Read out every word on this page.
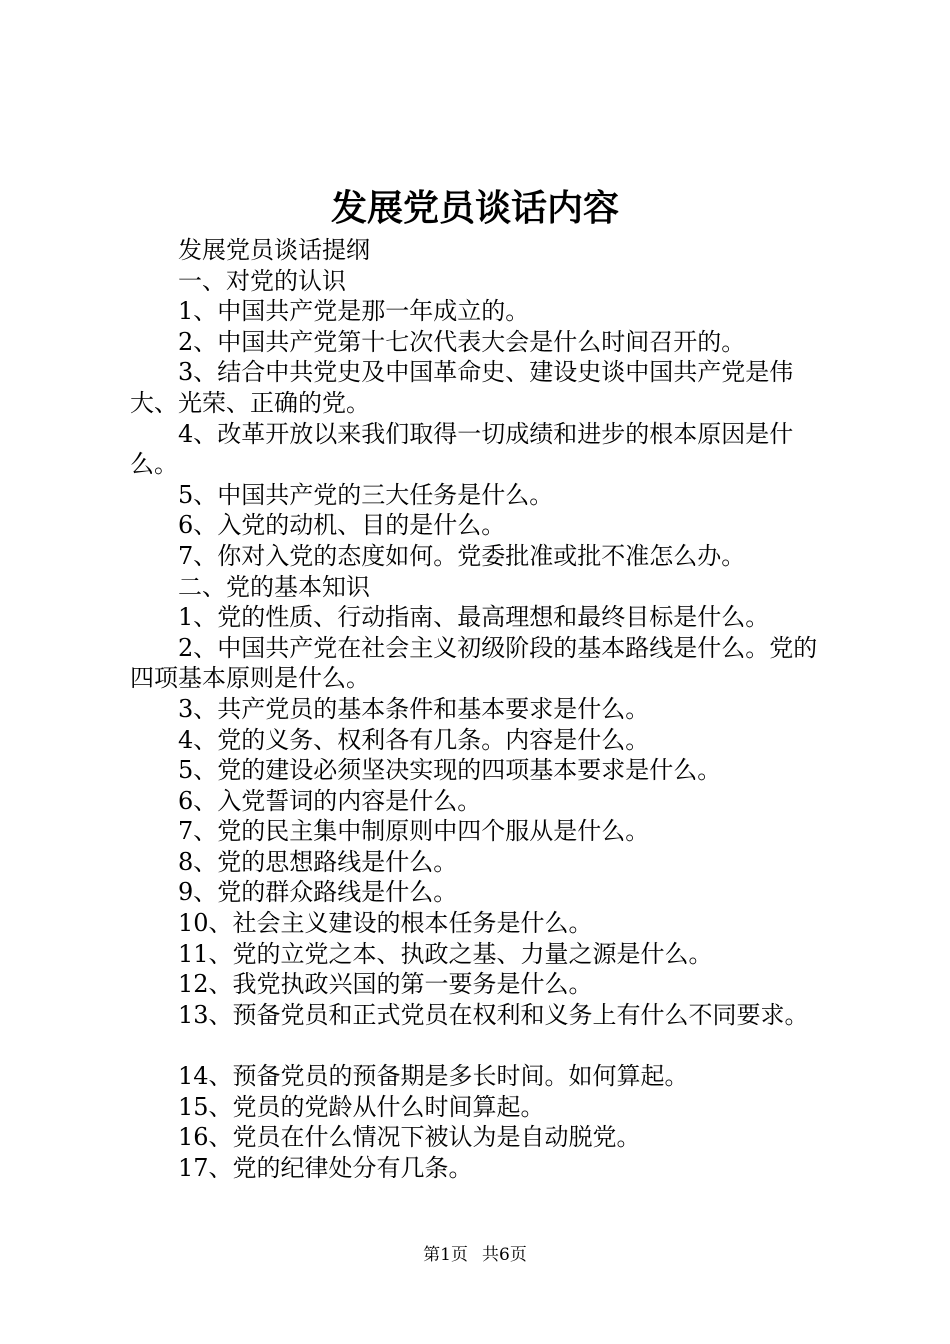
发展党员谈话内容

发展党员谈话提纲

一、对党的认识

1、中国共产党是那一年成立的。

2、中国共产党第十七次代表大会是什么时间召开的。

3、结合中共党史及中国革命史、建设史谈中国共产党是伟大、光荣、正确的党。

4、改革开放以来我们取得一切成绩和进步的根本原因是什么。

5、中国共产党的三大任务是什么。

6、入党的动机、目的是什么。

7、你对入党的态度如何。党委批准或批不准怎么办。

二、党的基本知识

1、党的性质、行动指南、最高理想和最终目标是什么。

2、中国共产党在社会主义初级阶段的基本路线是什么。党的四项基本原则是什么。

3、共产党员的基本条件和基本要求是什么。

4、党的义务、权利各有几条。内容是什么。

5、党的建设必须坚决实现的四项基本要求是什么。

6、入党誓词的内容是什么。

7、党的民主集中制原则中四个服从是什么。

8、党的思想路线是什么。

9、党的群众路线是什么。

10、社会主义建设的根本任务是什么。

11、党的立党之本、执政之基、力量之源是什么。

12、我党执政兴国的第一要务是什么。

13、预备党员和正式党员在权利和义务上有什么不同要求。

14、预备党员的预备期是多长时间。如何算起。

15、党员的党龄从什么时间算起。

16、党员在什么情况下被认为是自动脱党。

17、党的纪律处分有几条。

第1页 共6页
